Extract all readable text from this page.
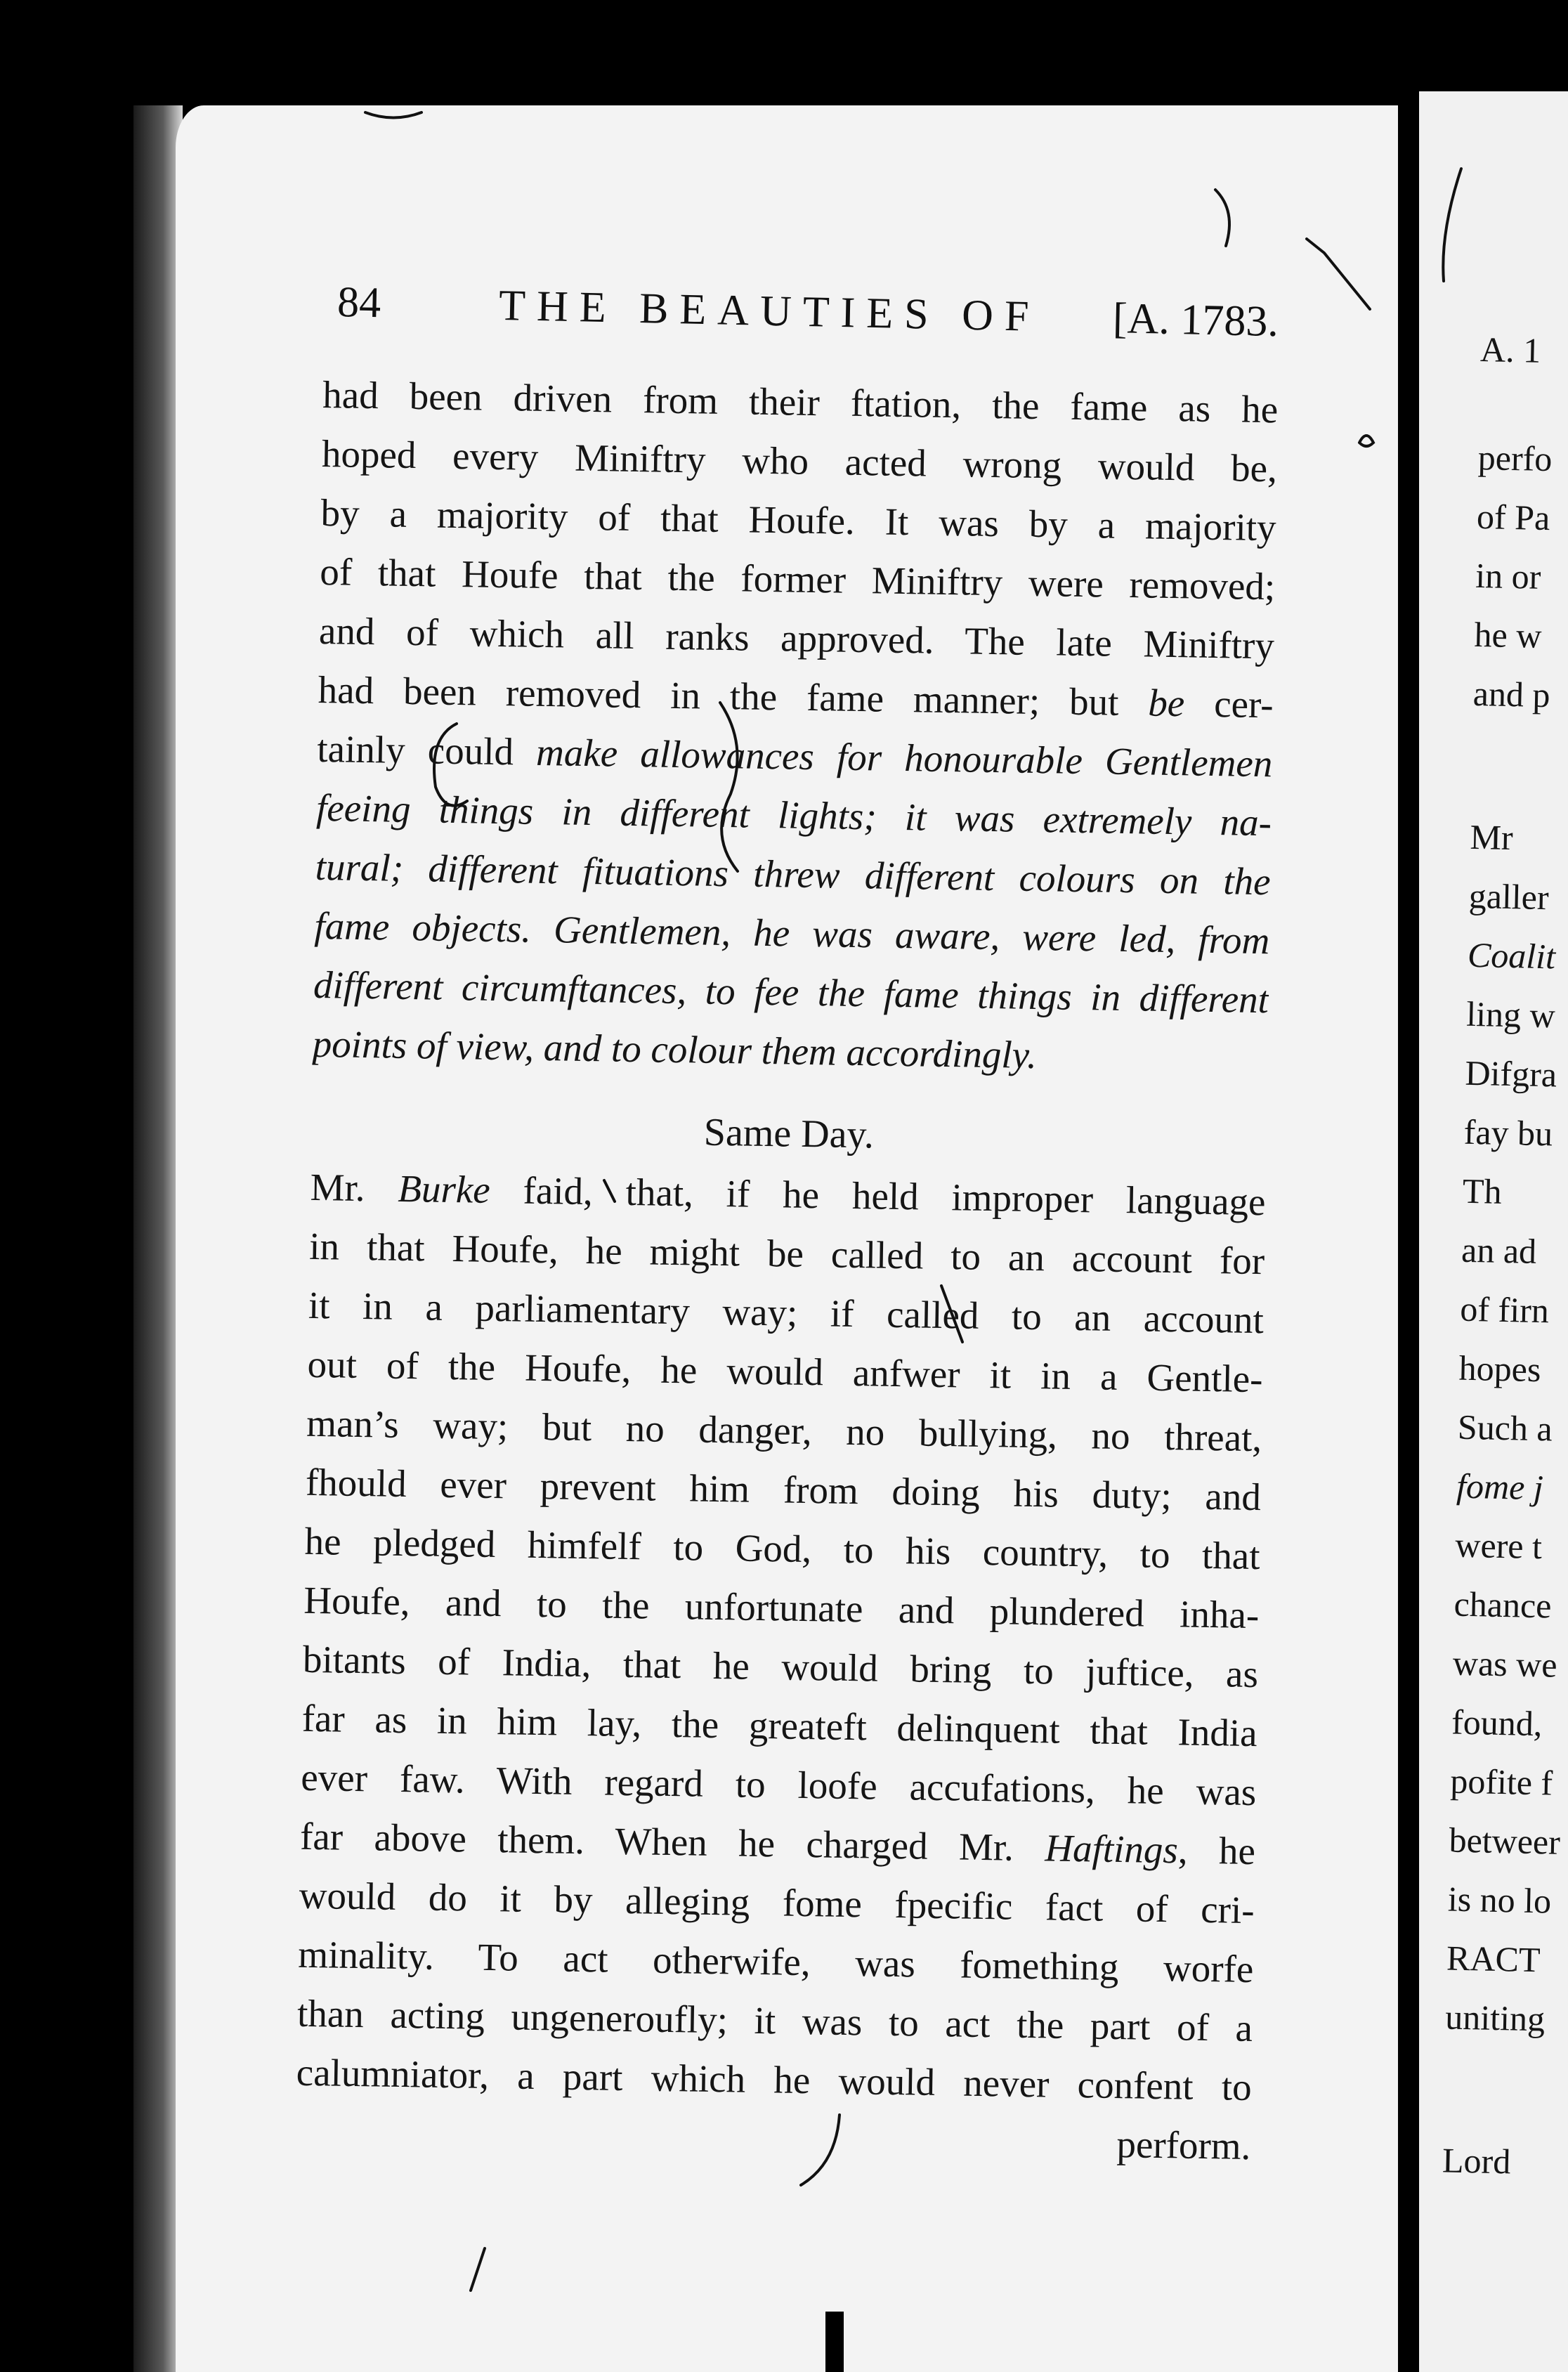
84	THE BEAUTIES OF [A. 1783.
had been driven from their ftation, the fame as he
hoped every Miniftry who acted wrong would be,
by a majority of that Houfe. It was by a majority
of that Houfe that the former Miniftry were removed;
and of which all ranks approved. The late Miniftry
had been removed in the fame manner; but be cer-
tainly could make allowances for honourable Gentlemen
feeing things in different lights; it was extremely na-
tural; different fituations threw different colours on the
fame objects. Gentlemen, he was aware, were led, from
different circumftances, to fee the fame things in different
points of view, and to colour them accordingly.
Same Day.
Mr. Burke faid, that, if he held improper language
in that Houfe, he might be called to an account for
it in a parliamentary way; if called to an account
out of the Houfe, he would anfwer it in a Gentle-
man’s way; but no danger, no bullying, no threat,
fhould ever prevent him from doing his duty; and
he pledged himfelf to God, to his country, to that
Houfe, and to the unfortunate and plundered inha-
bitants of India, that he would bring to juftice, as
far as in him lay, the greateft delinquent that India
ever faw. With regard to loofe accufations, he was
far above them. When he charged Mr. Haftings, he
would do it by alleging fome fpecific fact of cri-
minality. To act otherwife, was fomething worfe
than acting ungeneroufly; it was to act the part of a
calumniator, a part which he would never confent to
perform.
A. 1
perfo
of Pa
in or
he w
and p
Mr
galler
Coalit
ling w
Difgra
fay bu
Th
an ad
of firn
hopes
Such a
fome j
were t
chance
was we
found,
pofite f
betweer
is no lo
RACT
uniting
Lord
